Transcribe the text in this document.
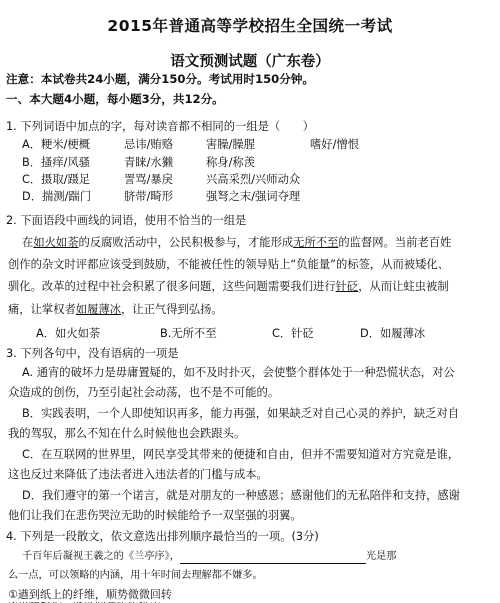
2015年普通高等学校招生全国统一考试
语文预测试题（广东卷）
注意：本试卷共24小题，满分150分。考试用时150分钟。
一、本大题4小题，每小题3分，共12分。
1. 下列词语中加点的字，每对读音都不相同的一组是（　　）
A．粳米/梗概	忌讳/贿赂	害臊/臊腥	嗜好/憎恨
B．搔痒/风骚	青睐/水獭	称身/称羡
C．摄取/蹑足	詈骂/暴戾	兴高采烈/兴师动众
D．揣测/踹门	脐带/畸形	强弩之末/强词夺理
2. 下面语段中画线的词语，使用不恰当的一组是
在如火如荼的反腐败活动中，公民积极参与，才能形成无所不至的监督网。当前老百姓
创作的杂文时评都应该受到鼓励，不能被任性的领导贴上“负能量”的标签，从而被矮化、
驯化。改革的过程中社会积累了很多问题，这些问题需要我们进行针砭，从而让蛀虫被制
痛，让掌权者如履薄冰，让正气得到弘扬。
A．如火如荼	B.无所不至	C．针砭	D．如履薄冰
3. 下列各句中，没有语病的一项是
A. 通宵的破坏力是毋庸置疑的，如不及时扑灭，会使整个群体处于一种恐慌状态，对公
众造成的创伤，乃至引起社会动荡，也不是不可能的。
B．实践表明，一个人即使知识再多，能力再强，如果缺乏对自己心灵的养护，缺乏对自
我的驾驭，那么不知在什么时候他也会跌跟头。
C．在互联网的世界里，网民享受其带来的便捷和自由，但并不需要知道对方究竟是谁，
这也反过来降低了违法者进入违法者的门槛与成本。
D．我们遵守的第一个诺言，就是对朋友的一种感恩；感谢他们的无私陪伴和支持，感谢
他们让我们在悲伤哭泣无助的时候能给予一双坚强的羽翼。
4. 下列是一段散文，依文意选出排列顺序最恰当的一项。(3分)
千百年后凝视王羲之的《兰亭序》，	光是那
么一点，可以领略的内涵，用十年时间去理解都不嫌多。
①遒到纸上的纤维，顺势微微回转
